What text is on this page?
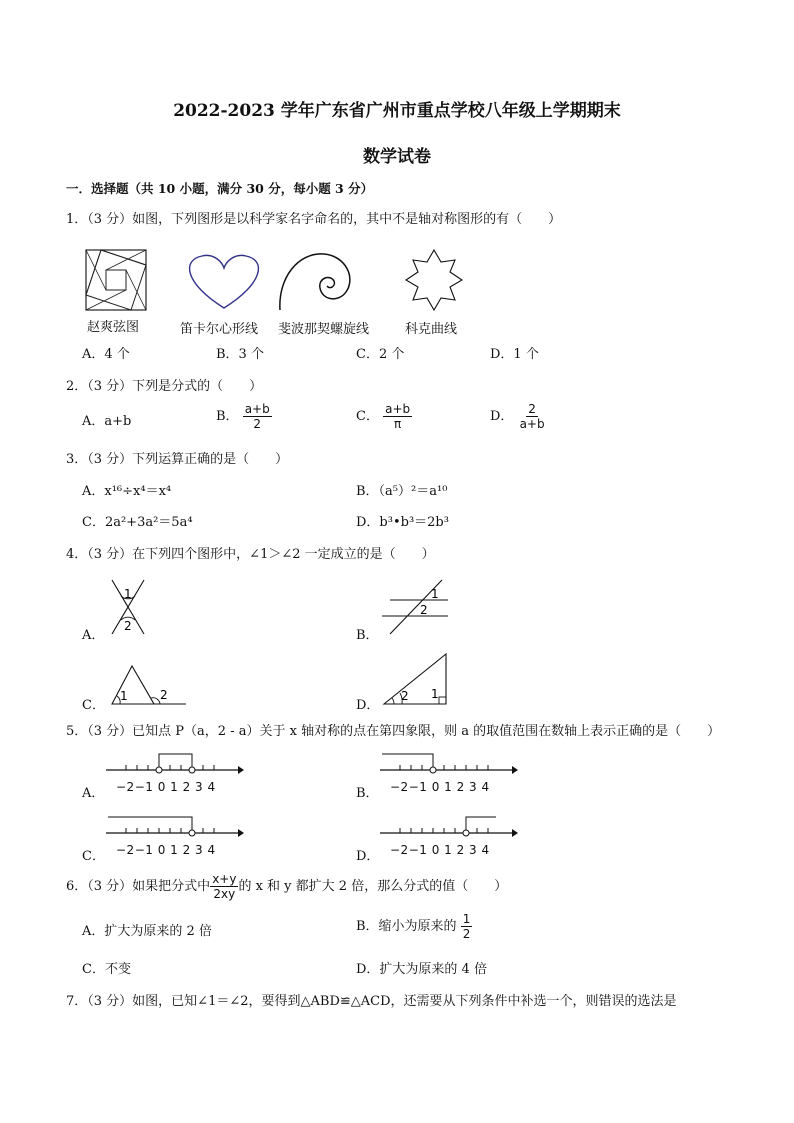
2022-2023 学年广东省广州市重点学校八年级上学期期末
数学试卷
一．选择题（共 10 小题，满分 30 分，每小题 3 分）
1．（3 分）如图，下列图形是以科学家名字命名的，其中不是轴对称图形的有（　　）
赵爽弦图	笛卡尔心形线 斐波那契螺旋线	科克曲线
A．4 个	B．3 个	C．2 个	D．1 个
2．（3 分）下列是分式的（　　）
A．a+b	B． $\frac{a+b}{2}$	C． $\frac{a+b}{\pi}$	D． $\frac{2}{a+b}$
3．（3 分）下列运算正确的是（　　）
A．x¹⁶÷x⁴＝x⁴	B．（a⁵）²＝a¹⁰
C．2a²+3a²＝5a⁴	D．b³•b³＝2b³
4．（3 分）在下列四个图形中，∠1＞∠2 一定成立的是（　　）
A．
1
2
B．
1
2
C．
1	2
D．
2 1
5．（3 分）已知点 P（a，2 - a）关于 x 轴对称的点在第四象限，则 a 的取值范围在数轴上表示正确的是（　　）
A． −2−1 0 1 2 3 4	B． −2−1 0 1 2 3 4
C． −2−1 0 1 2 3 4	D． −2−1 0 1 2 3 4
6．（3 分）如果把分式中 $\frac{x+y}{2xy}$ 的 x 和 y 都扩大 2 倍，那么分式的值（　　）
A．扩大为原来的 2 倍	B．缩小为原来的 $\frac{1}{2}$
C．不变	D．扩大为原来的 4 倍
7．（3 分）如图，已知∠1＝∠2，要得到△ABD≌△ACD，还需要从下列条件中补选一个，则错误的选法是
